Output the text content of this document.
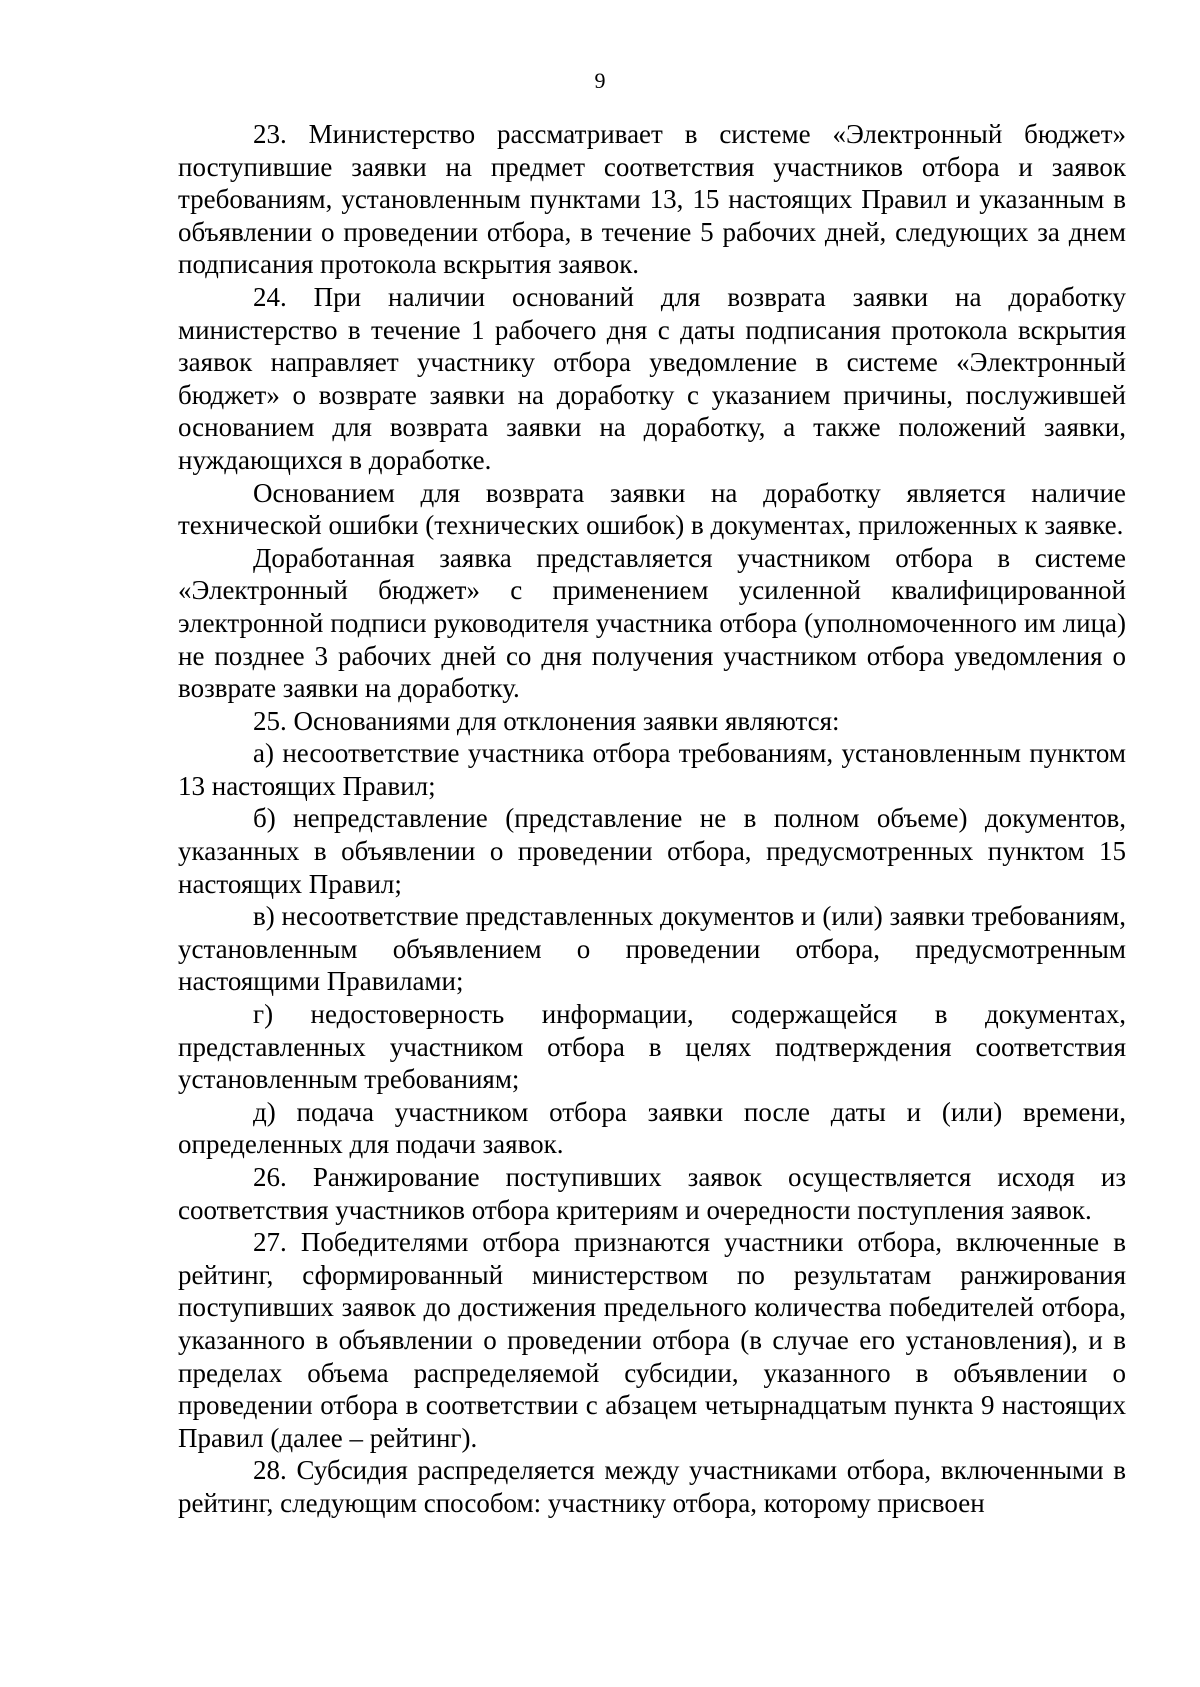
9

23. Министерство рассматривает в системе «Электронный бюджет» поступившие заявки на предмет соответствия участников отбора и заявок требованиям, установленным пунктами 13, 15 настоящих Правил и указанным в объявлении о проведении отбора, в течение 5 рабочих дней, следующих за днем подписания протокола вскрытия заявок.

24. При наличии оснований для возврата заявки на доработку министерство в течение 1 рабочего дня с даты подписания протокола вскрытия заявок направляет участнику отбора уведомление в системе «Электронный бюджет» о возврате заявки на доработку с указанием причины, послужившей основанием для возврата заявки на доработку, а также положений заявки, нуждающихся в доработке.

Основанием для возврата заявки на доработку является наличие технической ошибки (технических ошибок) в документах, приложенных к заявке.

Доработанная заявка представляется участником отбора в системе «Электронный бюджет» с применением усиленной квалифицированной электронной подписи руководителя участника отбора (уполномоченного им лица) не позднее 3 рабочих дней со дня получения участником отбора уведомления о возврате заявки на доработку.

25. Основаниями для отклонения заявки являются:

а) несоответствие участника отбора требованиям, установленным пунктом 13 настоящих Правил;

б) непредставление (представление не в полном объеме) документов, указанных в объявлении о проведении отбора, предусмотренных пунктом 15 настоящих Правил;

в) несоответствие представленных документов и (или) заявки требованиям, установленным объявлением о проведении отбора, предусмотренным настоящими Правилами;

г) недостоверность информации, содержащейся в документах, представленных участником отбора в целях подтверждения соответствия установленным требованиям;

д) подача участником отбора заявки после даты и (или) времени, определенных для подачи заявок.

26. Ранжирование поступивших заявок осуществляется исходя из соответствия участников отбора критериям и очередности поступления заявок.

27. Победителями отбора признаются участники отбора, включенные в рейтинг, сформированный министерством по результатам ранжирования поступивших заявок до достижения предельного количества победителей отбора, указанного в объявлении о проведении отбора (в случае его установления), и в пределах объема распределяемой субсидии, указанного в объявлении о проведении отбора в соответствии с абзацем четырнадцатым пункта 9 настоящих Правил (далее – рейтинг).

28. Субсидия распределяется между участниками отбора, включенными в рейтинг, следующим способом: участнику отбора, которому присвоен
